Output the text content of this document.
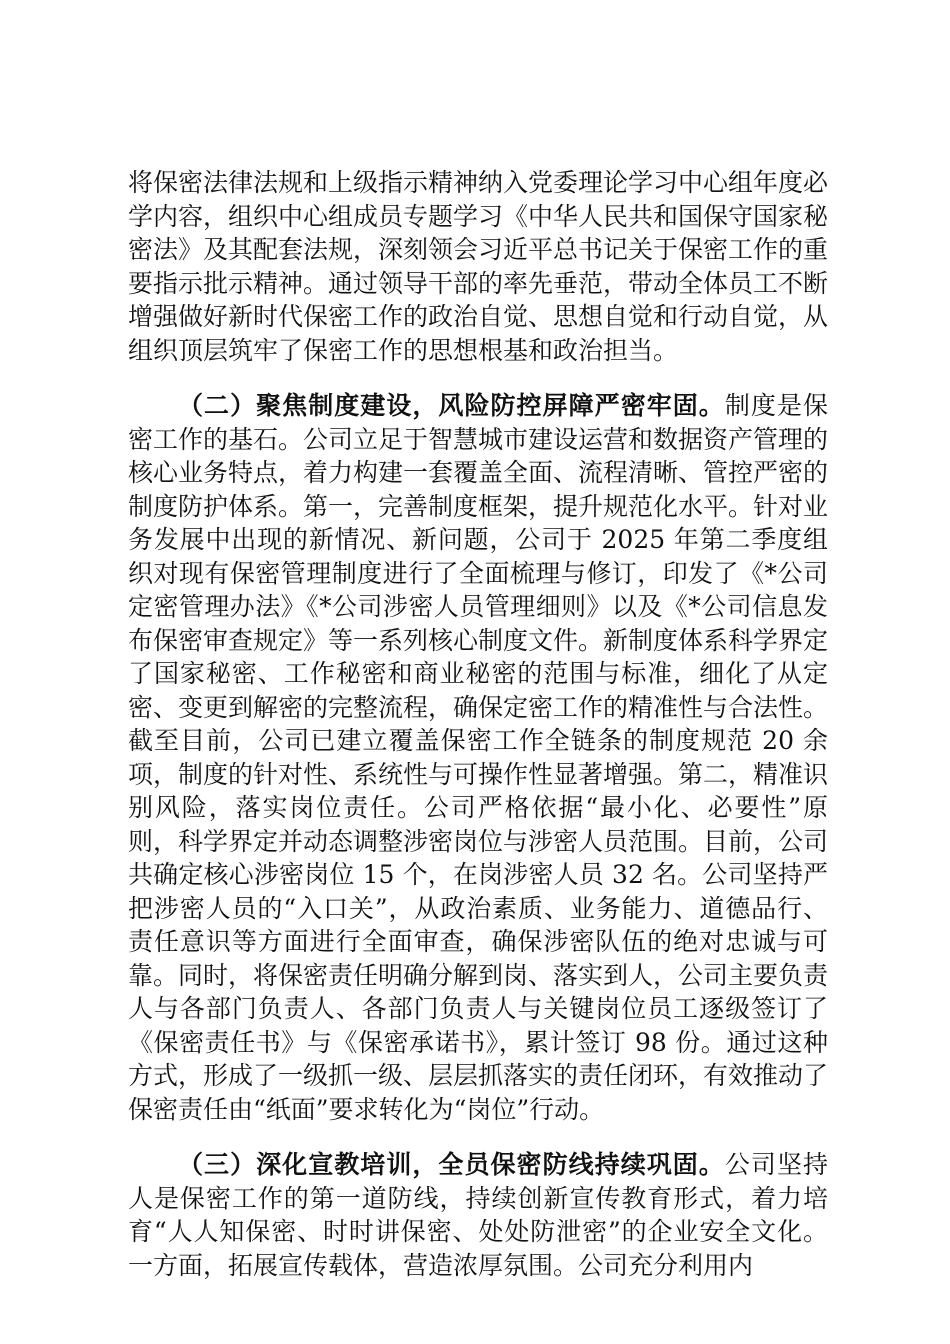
将保密法律法规和上级指示精神纳入党委理论学习中心组年度必学内容，组织中心组成员专题学习《中华人民共和国保守国家秘密法》及其配套法规，深刻领会习近平总书记关于保密工作的重要指示批示精神。通过领导干部的率先垂范，带动全体员工不断增强做好新时代保密工作的政治自觉、思想自觉和行动自觉，从组织顶层筑牢了保密工作的思想根基和政治担当。

（二）聚焦制度建设，风险防控屏障严密牢固。制度是保密工作的基石。公司立足于智慧城市建设运营和数据资产管理的核心业务特点，着力构建一套覆盖全面、流程清晰、管控严密的制度防护体系。第一，完善制度框架，提升规范化水平。针对业务发展中出现的新情况、新问题，公司于 2025 年第二季度组织对现有保密管理制度进行了全面梳理与修订，印发了《*公司定密管理办法》《*公司涉密人员管理细则》以及《*公司信息发布保密审查规定》等一系列核心制度文件。新制度体系科学界定了国家秘密、工作秘密和商业秘密的范围与标准，细化了从定密、变更到解密的完整流程，确保定密工作的精准性与合法性。截至目前，公司已建立覆盖保密工作全链条的制度规范 20 余项，制度的针对性、系统性与可操作性显著增强。第二，精准识别风险，落实岗位责任。公司严格依据“最小化、必要性”原则，科学界定并动态调整涉密岗位与涉密人员范围。目前，公司共确定核心涉密岗位 15 个，在岗涉密人员 32 名。公司坚持严把涉密人员的“入口关”，从政治素质、业务能力、道德品行、责任意识等方面进行全面审查，确保涉密队伍的绝对忠诚与可靠。同时，将保密责任明确分解到岗、落实到人，公司主要负责人与各部门负责人、各部门负责人与关键岗位员工逐级签订了《保密责任书》与《保密承诺书》，累计签订 98 份。通过这种方式，形成了一级抓一级、层层抓落实的责任闭环，有效推动了保密责任由“纸面”要求转化为“岗位”行动。

（三）深化宣教培训，全员保密防线持续巩固。公司坚持人是保密工作的第一道防线，持续创新宣传教育形式，着力培育“人人知保密、时时讲保密、处处防泄密”的企业安全文化。一方面，拓展宣传载体，营造浓厚氛围。公司充分利用内
